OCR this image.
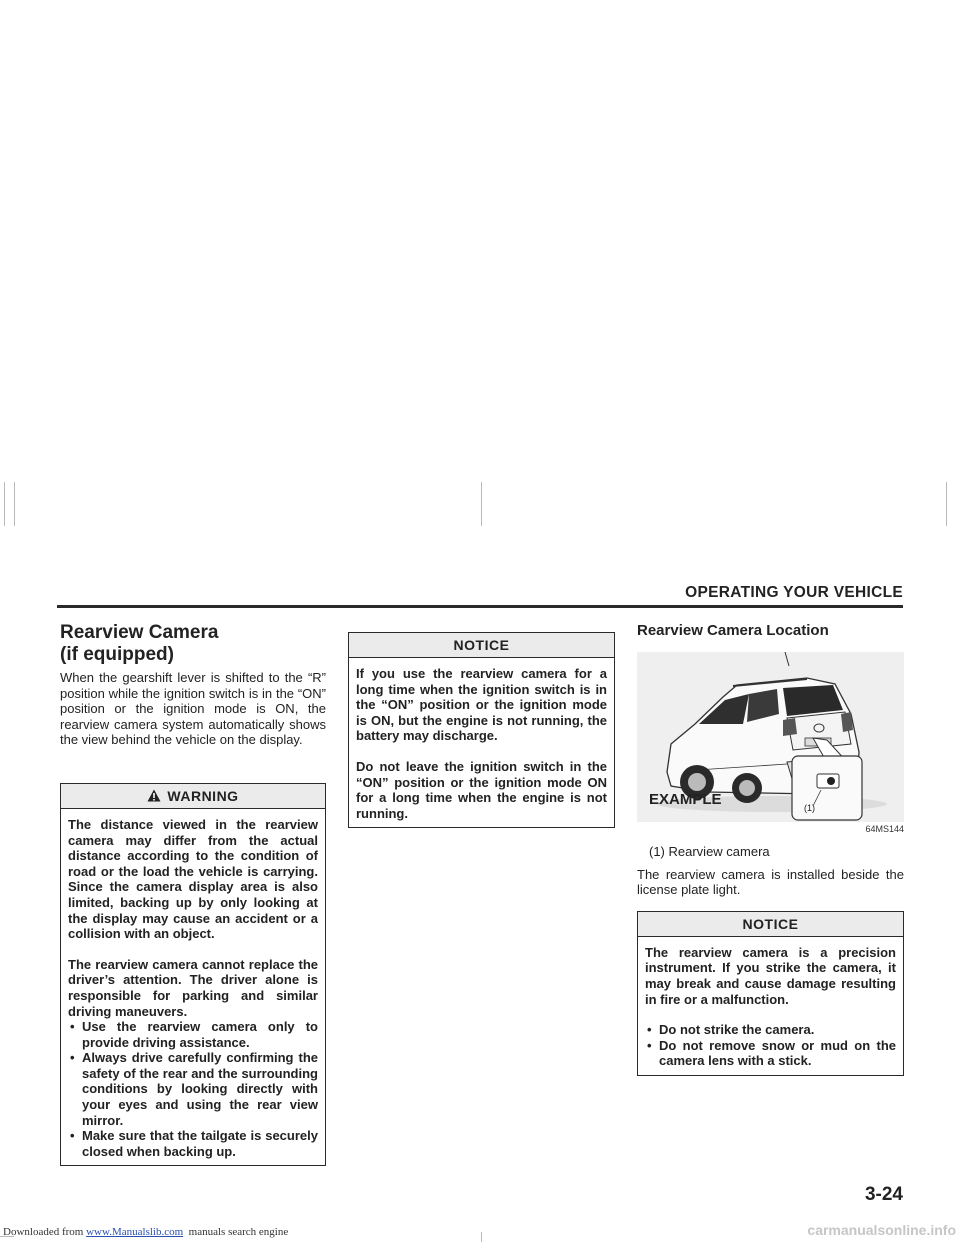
OPERATING YOUR VEHICLE
Rearview Camera
(if equipped)

When the gearshift lever is shifted to the “R” position while the ignition switch is in the “ON” position or the ignition mode is ON, the rearview camera system automatically shows the view behind the vehicle on the display.

WARNING

The distance viewed in the rearview camera may differ from the actual distance according to the condition of road or the load the vehicle is carrying. Since the camera display area is also limited, backing up by only looking at the display may cause an accident or a collision with an object.

The rearview camera cannot replace the driver’s attention. The driver alone is responsible for parking and similar driving maneuvers.

• Use the rearview camera only to provide driving assistance.
• Always drive carefully confirming the safety of the rear and the surrounding conditions by looking directly with your eyes and using the rear view mirror.
• Make sure that the tailgate is securely closed when backing up.
NOTICE

If you use the rearview camera for a long time when the ignition switch is in the “ON” position or the ignition mode is ON, but the engine is not running, the battery may discharge.

Do not leave the ignition switch in the “ON” position or the ignition mode ON for a long time when the engine is not running.

Rearview Camera Location
EXAMPLE	(1)
64MS144
(1) Rearview camera

The rearview camera is installed beside the license plate light.

NOTICE

The rearview camera is a precision instrument. If you strike the camera, it may break and cause damage resulting in fire or a malfunction.

• Do not strike the camera.
• Do not remove snow or mud on the camera lens with a stick.
3-24
Downloaded from www.Manualslib.com  manuals search engine	carmanualsonline.info
